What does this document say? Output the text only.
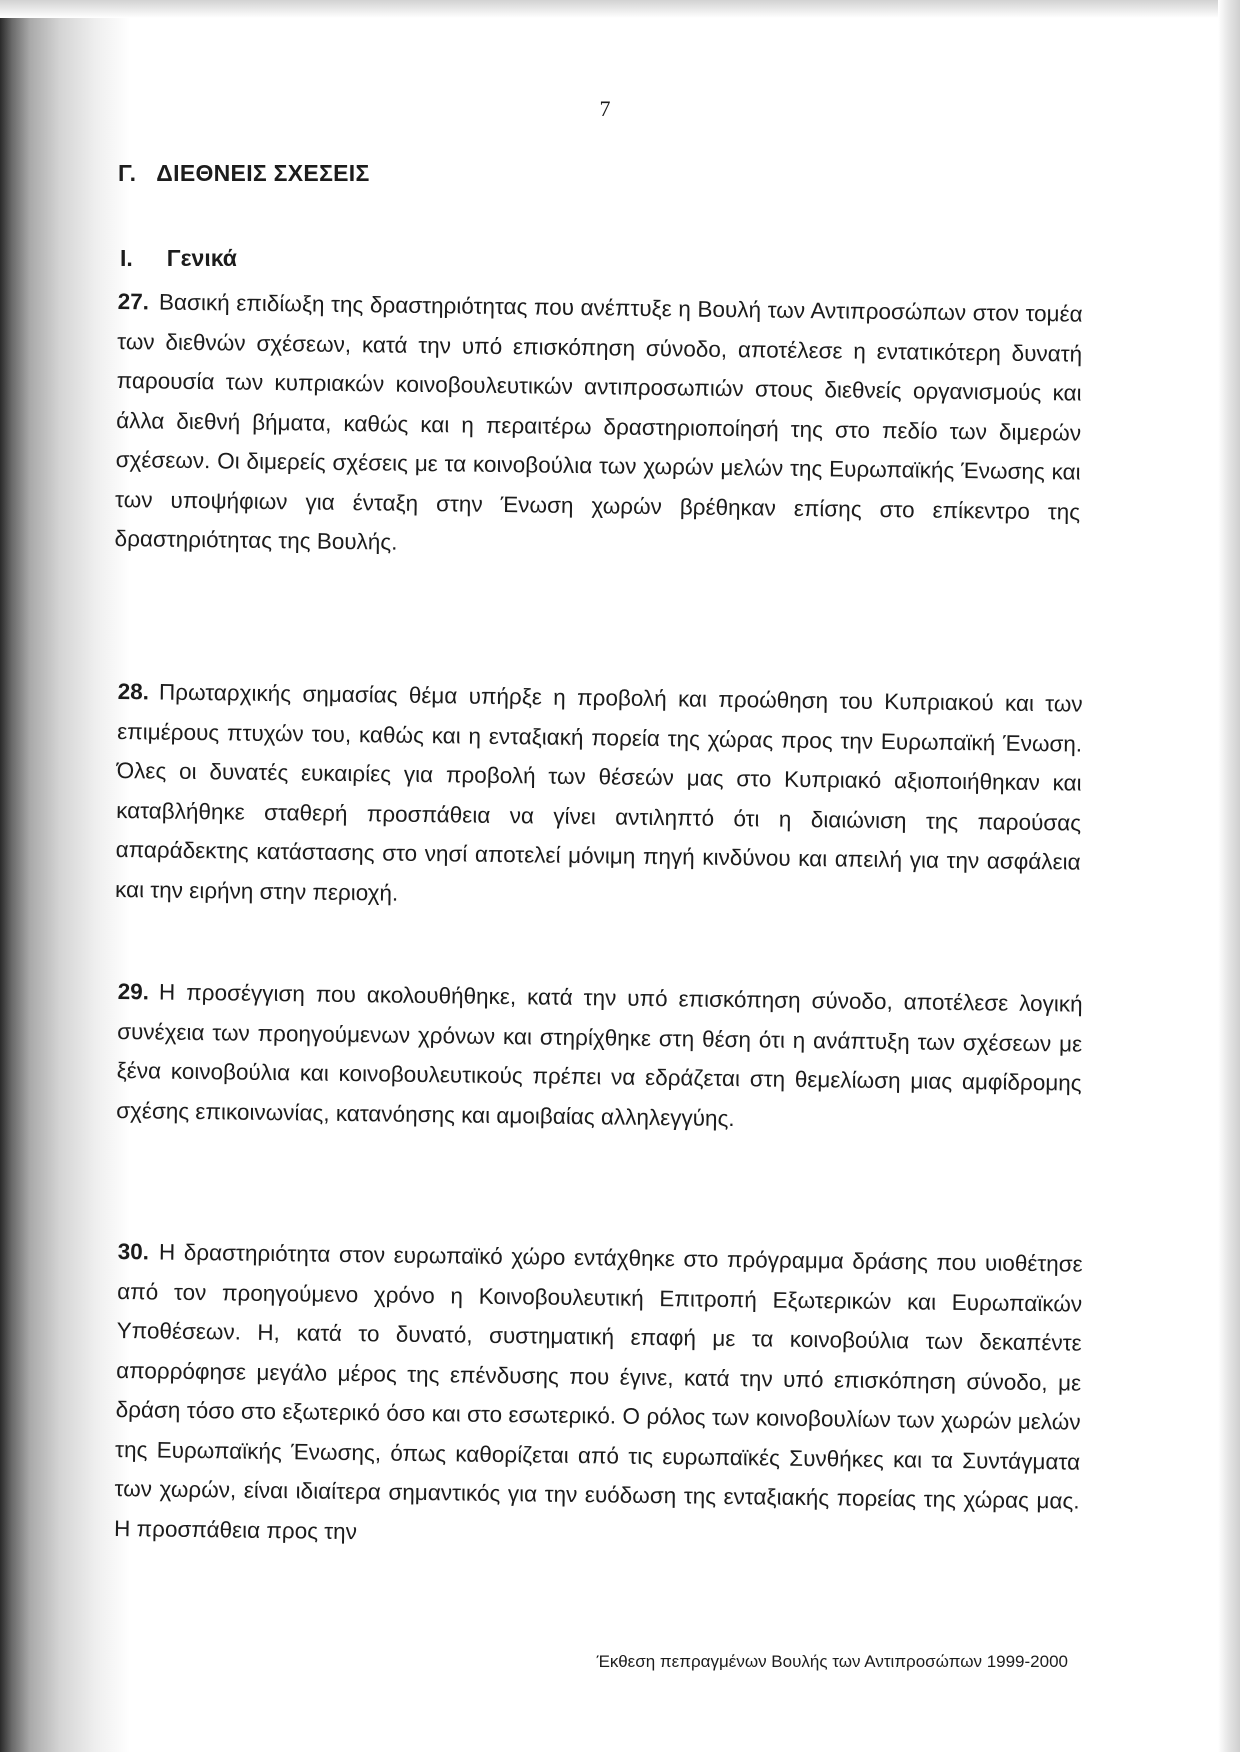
7
Γ. ΔΙΕΘΝΕΙΣ ΣΧΕΣΕΙΣ
Ι. Γενικά

27. Βασική επιδίωξη της δραστηριότητας που ανέπτυξε η Βουλή των Αντιπροσώπων στον τομέα των διεθνών σχέσεων, κατά την υπό επισκόπηση σύνοδο, αποτέλεσε η εντατικότερη δυνατή παρουσία των κυπριακών κοινοβουλευτικών αντιπροσωπιών στους διεθνείς οργανισμούς και άλλα διεθνή βήματα, καθώς και η περαιτέρω δραστηριοποίησή της στο πεδίο των διμερών σχέσεων. Οι διμερείς σχέσεις με τα κοινοβούλια των χωρών μελών της Ευρωπαϊκής Ένωσης και των υποψήφιων για ένταξη στην Ένωση χωρών βρέθηκαν επίσης στο επίκεντρο της δραστηριότητας της Βουλής.

28. Πρωταρχικής σημασίας θέμα υπήρξε η προβολή και προώθηση του Κυπριακού και των επιμέρους πτυχών του, καθώς και η ενταξιακή πορεία της χώρας προς την Ευρωπαϊκή Ένωση. Όλες οι δυνατές ευκαιρίες για προβολή των θέσεών μας στο Κυπριακό αξιοποιήθηκαν και καταβλήθηκε σταθερή προσπάθεια να γίνει αντιληπτό ότι η διαιώνιση της παρούσας απαράδεκτης κατάστασης στο νησί αποτελεί μόνιμη πηγή κινδύνου και απειλή για την ασφάλεια και την ειρήνη στην περιοχή.

29. Η προσέγγιση που ακολουθήθηκε, κατά την υπό επισκόπηση σύνοδο, αποτέλεσε λογική συνέχεια των προηγούμενων χρόνων και στηρίχθηκε στη θέση ότι η ανάπτυξη των σχέσεων με ξένα κοινοβούλια και κοινοβουλευτικούς πρέπει να εδράζεται στη θεμελίωση μιας αμφίδρομης σχέσης επικοινωνίας, κατανόησης και αμοιβαίας αλληλεγγύης.

30. Η δραστηριότητα στον ευρωπαϊκό χώρο εντάχθηκε στο πρόγραμμα δράσης που υιοθέτησε από τον προηγούμενο χρόνο η Κοινοβουλευτική Επιτροπή Εξωτερικών και Ευρωπαϊκών Υποθέσεων. Η, κατά το δυνατό, συστηματική επαφή με τα κοινοβούλια των δεκαπέντε απορρόφησε μεγάλο μέρος της επένδυσης που έγινε, κατά την υπό επισκόπηση σύνοδο, με δράση τόσο στο εξωτερικό όσο και στο εσωτερικό. Ο ρόλος των κοινοβουλίων των χωρών μελών της Ευρωπαϊκής Ένωσης, όπως καθορίζεται από τις ευρωπαϊκές Συνθήκες και τα Συντάγματα των χωρών, είναι ιδιαίτερα σημαντικός για την ευόδωση της ενταξιακής πορείας της χώρας μας. Η προσπάθεια προς την

Έκθεση πεπραγμένων Βουλής των Αντιπροσώπων 1999-2000
